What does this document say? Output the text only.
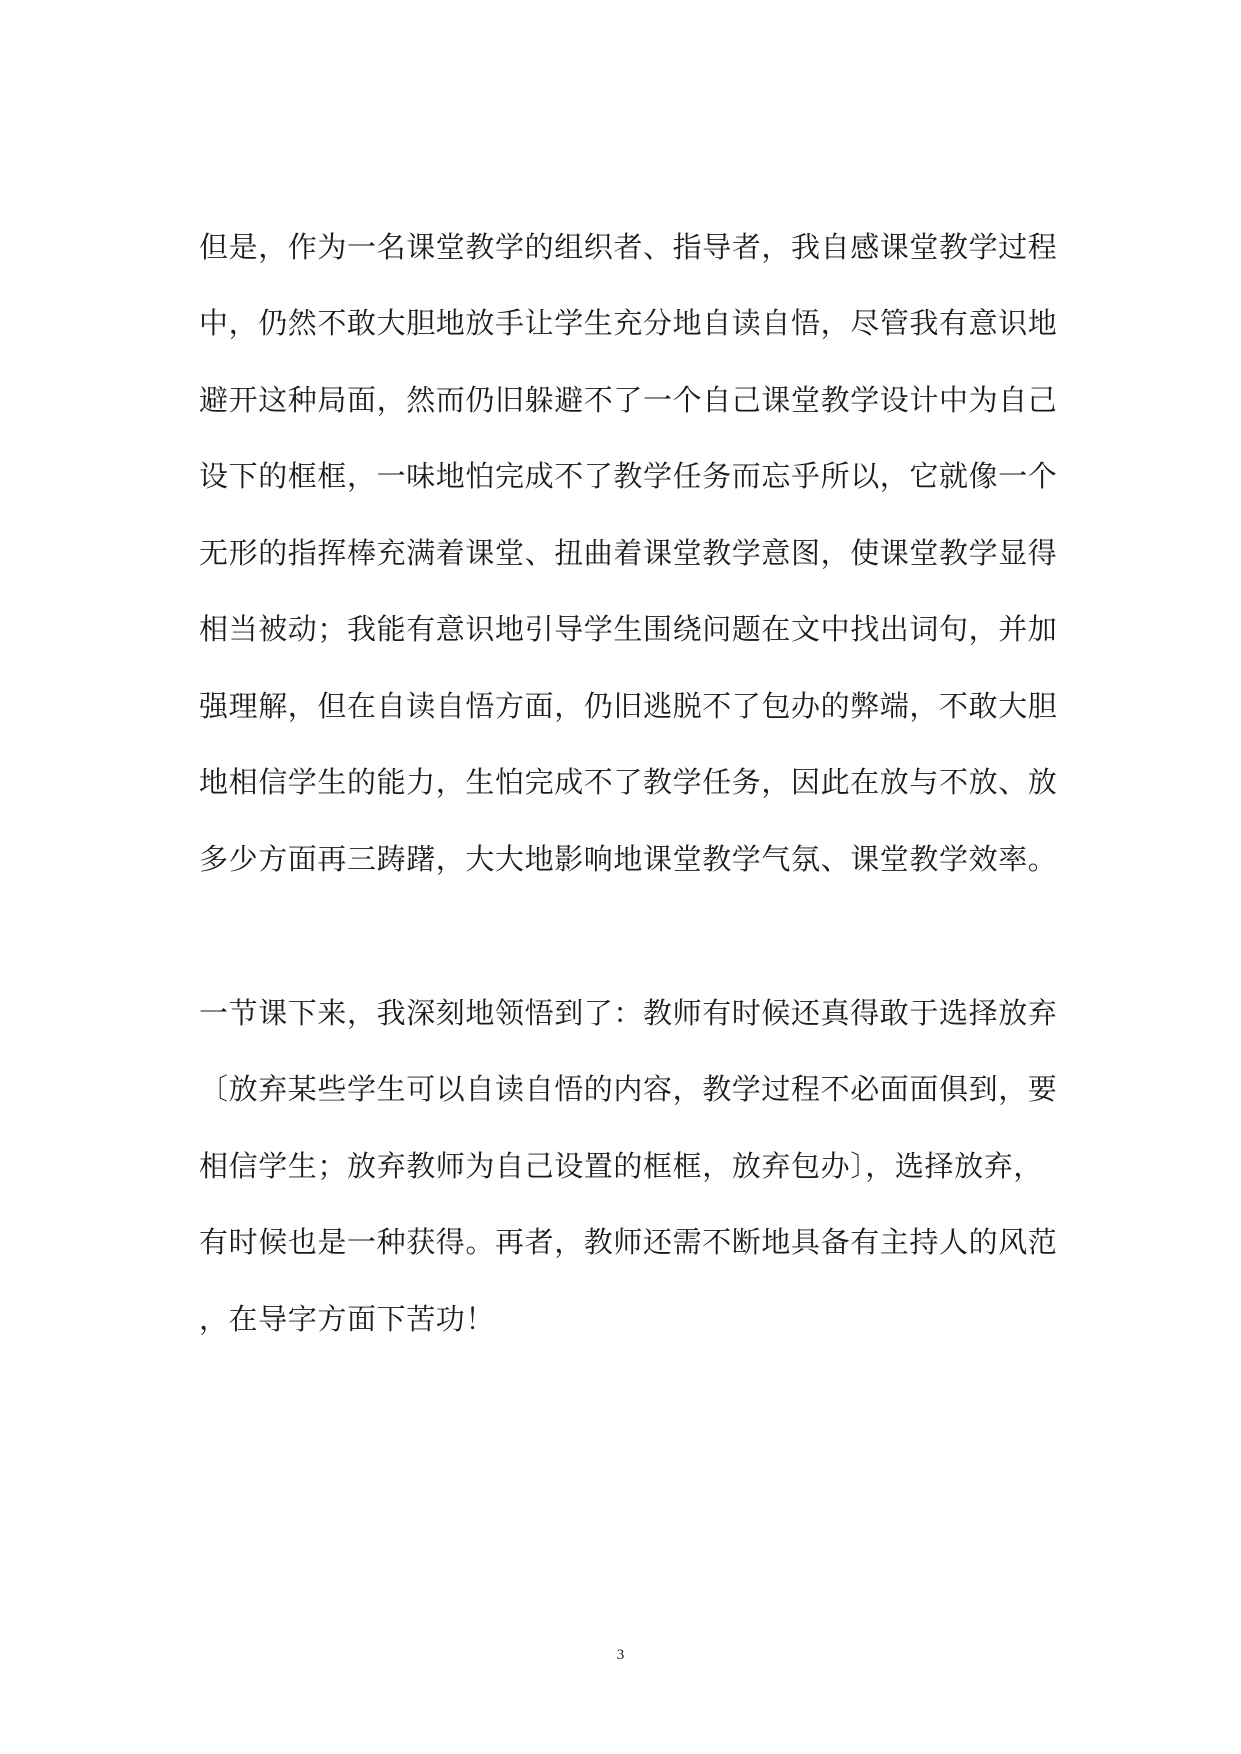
但是，作为一名课堂教学的组织者、指导者，我自感课堂教学过程
中，仍然不敢大胆地放手让学生充分地自读自悟，尽管我有意识地
避开这种局面，然而仍旧躲避不了一个自己课堂教学设计中为自己
设下的框框，一味地怕完成不了教学任务而忘乎所以，它就像一个
无形的指挥棒充满着课堂、扭曲着课堂教学意图，使课堂教学显得
相当被动；我能有意识地引导学生围绕问题在文中找出词句，并加
强理解，但在自读自悟方面，仍旧逃脱不了包办的弊端，不敢大胆
地相信学生的能力，生怕完成不了教学任务，因此在放与不放、放
多少方面再三踌躇，大大地影响地课堂教学气氛、课堂教学效率。
一节课下来，我深刻地领悟到了：教师有时候还真得敢于选择放弃
〔放弃某些学生可以自读自悟的内容，教学过程不必面面俱到，要
相信学生；放弃教师为自己设置的框框，放弃包办〕，选择放弃，
有时候也是一种获得。再者，教师还需不断地具备有主持人的风范
，在导字方面下苦功！
3
